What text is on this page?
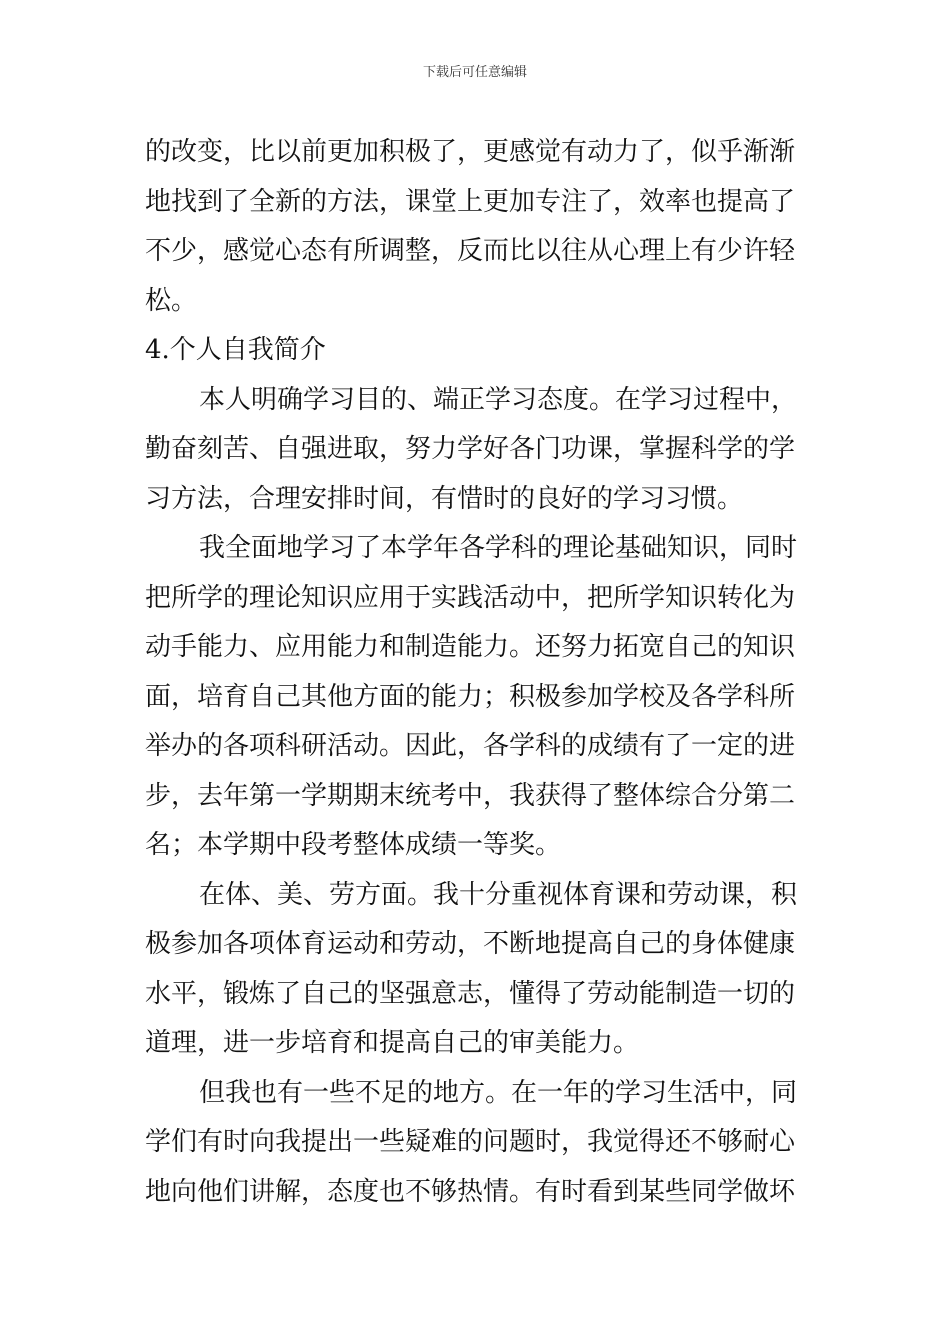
下载后可任意编辑
的改变，比以前更加积极了，更感觉有动力了，似乎渐渐
地找到了全新的方法，课堂上更加专注了，效率也提高了
不少，感觉心态有所调整，反而比以往从心理上有少许轻
松。
4.个人自我简介
本人明确学习目的、端正学习态度。在学习过程中，
勤奋刻苦、自强进取，努力学好各门功课，掌握科学的学
习方法，合理安排时间，有惜时的良好的学习习惯。
我全面地学习了本学年各学科的理论基础知识，同时
把所学的理论知识应用于实践活动中，把所学知识转化为
动手能力、应用能力和制造能力。还努力拓宽自己的知识
面，培育自己其他方面的能力；积极参加学校及各学科所
举办的各项科研活动。因此，各学科的成绩有了一定的进
步，去年第一学期期末统考中，我获得了整体综合分第二
名；本学期中段考整体成绩一等奖。
在体、美、劳方面。我十分重视体育课和劳动课，积
极参加各项体育运动和劳动，不断地提高自己的身体健康
水平，锻炼了自己的坚强意志，懂得了劳动能制造一切的
道理，进一步培育和提高自己的审美能力。
但我也有一些不足的地方。在一年的学习生活中，同
学们有时向我提出一些疑难的问题时，我觉得还不够耐心
地向他们讲解，态度也不够热情。有时看到某些同学做坏
